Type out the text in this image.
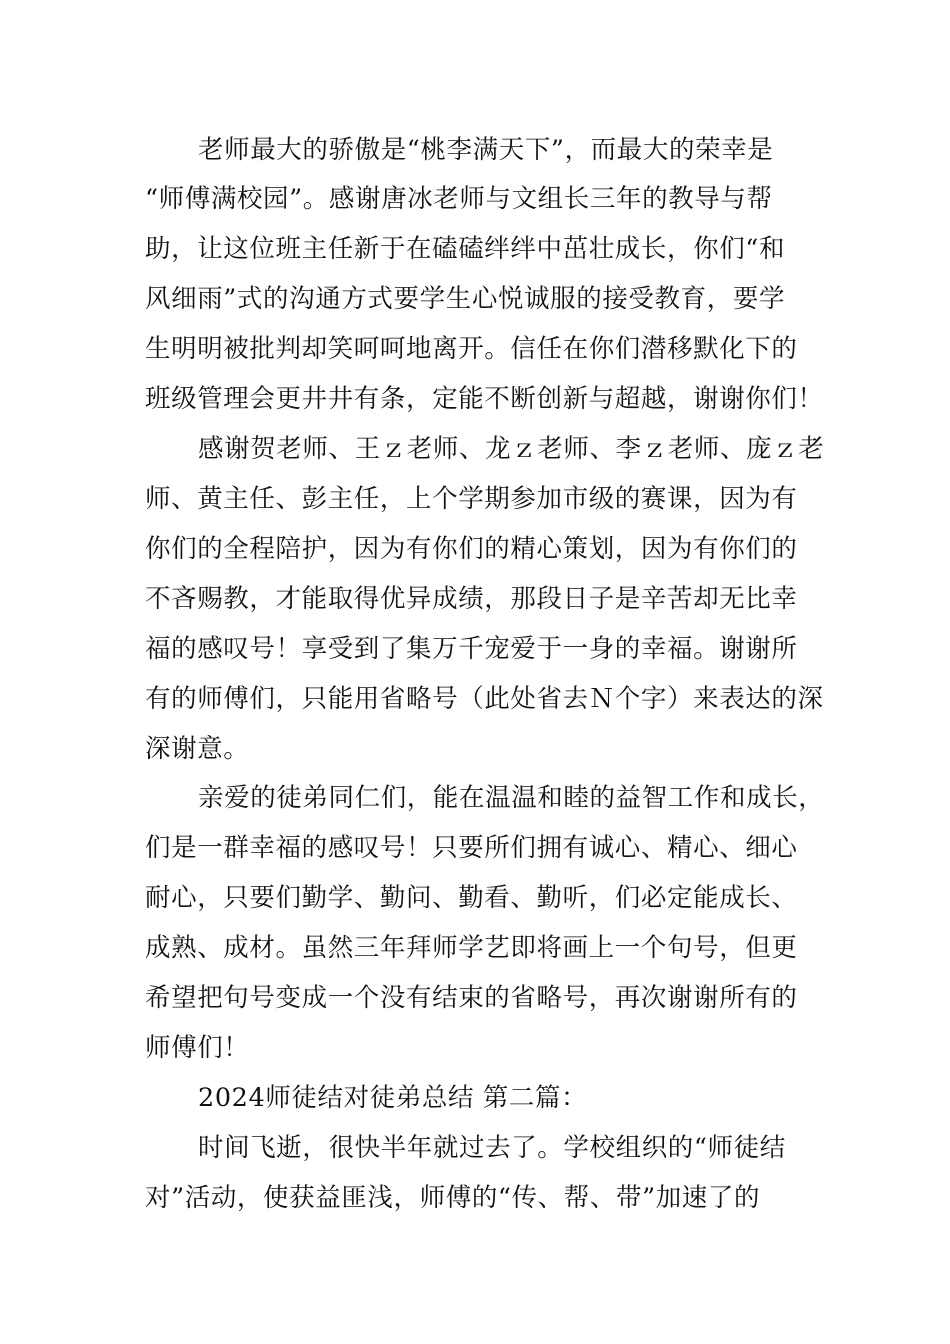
老师最大的骄傲是“桃李满天下”，而最大的荣幸是
“师傅满校园”。感谢唐冰老师与文组长三年的教导与帮
助，让这位班主任新于在磕磕绊绊中茁壮成长，你们“和
风细雨”式的沟通方式要学生心悦诚服的接受教育，要学
生明明被批判却笑呵呵地离开。信任在你们潜移默化下的
班级管理会更井井有条，定能不断创新与超越，谢谢你们！
感谢贺老师、王ｚ老师、龙ｚ老师、李ｚ老师、庞ｚ老
师、黄主任、彭主任，上个学期参加市级的赛课，因为有
你们的全程陪护，因为有你们的精心策划，因为有你们的
不吝赐教，才能取得优异成绩，那段日子是辛苦却无比幸
福的感叹号！享受到了集万千宠爱于一身的幸福。谢谢所
有的师傅们，只能用省略号（此处省去Ｎ个字）来表达的深
深谢意。
亲爱的徒弟同仁们，能在温温和睦的益智工作和成长，
们是一群幸福的感叹号！只要所们拥有诚心、精心、细心
耐心，只要们勤学、勤问、勤看、勤听，们必定能成长、
成熟、成材。虽然三年拜师学艺即将画上一个句号，但更
希望把句号变成一个没有结束的省略号，再次谢谢所有的
师傅们！
2024师徒结对徒弟总结 第二篇：
时间飞逝，很快半年就过去了。学校组织的“师徒结
对”活动，使获益匪浅，师傅的“传、帮、带”加速了的
